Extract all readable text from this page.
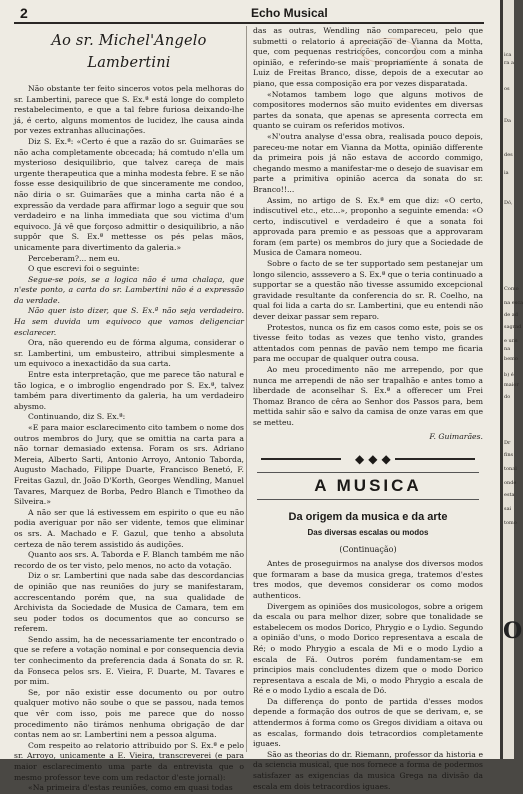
2	Echo Musical
Ao sr. Michel'Angelo Lambertini

Não obstante ter feito sinceros votos pela melhoras do sr. Lambertini, parece que S. Ex.ª está longe do completo restabelecimento, e que a tal febre furiosa deixando-lhe já, é certo, alguns momentos de lucidez, lhe causa ainda por vezes extranhas allucinações.

Diz S. Ex.ª: «Certo é que a razão do sr. Guimarães se não acha completamente obcecada; há comtudo n'ella um mysterioso desiquilibrio, que talvez careça de mais urgente therapeutica que a minha modesta febre. E se não fosse esse desiquilibrio de que sinceramente me condoo, não diria o sr. Guimarães que a minha carta não é a expressão da verdade para affirmar logo a seguir que sou verdadeiro e na linha immediata que sou victima d'um equivoco. Já vê que forçoso admittir o desiquilibrio, a não suppôr que S. Ex.ª mettesse os pés pelas mãos, unicamente para divertimento da galeria.»

Perceberam?... nem eu.

O que escrevi foi o seguinte:

Segue-se pois, se a logica não é uma chalaça, que n'este ponto, a carta do sr. Lambertini não é a expressão da verdade.

Não quer isto dizer, que S. Ex.ª não seja verdadeiro. Ha sem duvida um equivoco que vamos deligenciar esclarecer.

Ora, não querendo eu de fórma alguma, considerar o sr. Lambertini, um embusteiro, attribui simplesmente a um equivoco a inexactidão da sua carta.

Entre esta interpretação, que me parece tão natural e tão logica, e o imbroglio engendrado por S. Ex.ª, talvez também para divertimento da galeria, ha um verdadeiro abysmo.

Continuando, diz S. Ex.ª:

«E para maior esclarecimento cito tambem o nome dos outros membros do Jury, que se omittia na carta para a não tornar demasiado extensa. Foram os srs. Adriano Mereia, Alberto Sarti, Antonio Arroyo, Antonio Taborda, Augusto Machado, Filippe Duarte, Francisco Benetó, F. Freitas Gazul, dr. João D'Korth, Georges Wendling, Manuel Tavares, Marquez de Borba, Pedro Blanch e Timotheo da Silveira.»

A não ser que lá estivessem em espirito o que eu não podia averiguar por não ser vidente, temos que eliminar os srs. A. Machado e F. Gazul, que tenho a absoluta certeza de não terem assistido ás audições.

Quanto aos srs. A. Taborda e F. Blanch também me não recordo de os ter visto, pelo menos, no acto da votação.

Diz o sr. Lambertini que nada sabe das descordancias de opinião que nas reuniões do jury se manifestaram, accrescentando porém que, na sua qualidade de Archivista da Sociedade de Musica de Camara, tem em seu poder todos os documentos que ao concurso se referem.

Sendo assim, ha de necessariamente ter encontrado o que se refere a votação nominal e por consequencia devia ter conhecimento da preferencia dada á Sonata do sr. R. da Fonseca pelos srs. E. Vieira, F. Duarte, M. Tavares e por mim.

Se, por não existir esse documento ou por outro qualquer motivo não soube o que se passou, nada temos que vêr com isso, pois me parece que do nosso procedimento não tirámos nenhuma obrigação de dar contas nem ao sr. Lambertini nem a pessoa alguma.

Com respeito ao relatorio attribuido por S. Ex.ª e pelo sr. Arroyo, unicamente a E. Vieira, transcreverei (e para maior esclarecimento uma parte da entrevista que o mesmo professor teve com um redactor d'este jornal):

«Na primeira d'estas reuniões, como em quasi todas

das as outras, Wendling não compareceu, pelo que submetti o relatorio á apreciação de Vianna da Motta, que, com pequenas restricções, concordou com a minha opinião, e referindo-se mais propriamente á sonata de Luiz de Freitas Branco, disse, depois de a executar ao piano, que essa composição era por vezes disparatada.

«Notamos tambem logo que alguns motivos de compositores modernos são muito evidentes em diversas partes da sonata, que apenas se apresenta correcta em quanto se cuiram os referidos motivos.

«N'outra analyse d'essa obra, realisada pouco depois, pareceu-me notar em Vianna da Motta, opinião differente da primeira pois já não estava de accordo commigo, chegando mesmo a manifestar-me o desejo de suavisar em parte a primitiva opinião acerca da sonata do sr. Branco!!...

Assim, no artigo de S. Ex.ª em que diz: «O certo, indiscutivel etc., etc...», proponho a seguinte emenda: «O certo, indiscutivel e verdadeiro é que a sonata foi approvada para premio e as pessoas que a approvaram foram (em parte) os membros do jury que a Sociedade de Musica de Camara nomeou.

Sobre o facto de se ter supportado sem pestanejar um longo silencio, asssevero a S. Ex.ª que o teria continuado a supportar se a questão não tivesse assumido excepcional gravidade resultante da conferencia do sr. R. Coelho, na qual foi lida a carta do sr. Lambertini, que eu entendi não dever deixar passar sem reparo.

Protestos, nunca os fiz em casos como este, pois se os tivesse feito todas as vezes que tenho visto, grandes attentados com pennas de pavão nem tempo me ficaria para me occupar de qualquer outra cousa.

Ao meu procedimento não me arrependo, por que nunca me arrependi de não ser trapalhão e antes tomo a liberdade de aconselhar S. Ex.ª a offerecer um Frei Thomaz Branco de cêra ao Senhor dos Passos para, bem mettida sahir são e salvo da camisa de onze varas em que se metteu.

F. Guimarães.
◆◆◆
A MUSICA
Da origem da musica e da arte
Das diversas escalas ou modos
(Continuação)

Antes de proseguirmos na analyse dos diversos modos que formaram a base da musica grega, tratemos d'estes tres modos, que devemos considerar os como modos authenticos.

Divergem as opiniões dos musicologos, sobre a origem da escala ou para melhor dizer, sobre que tonalidade se estabelecem os modos Dorico, Phrygio e o Lydio. Segundo a opinião d'uns, o modo Dorico representava a escala de Ré; o modo Phrygio a escala de Mi e o modo Lydio a escala de Fá. Outros porém fundamentam-se em principios mais concludentes dizem que o modo Dorico representava a escala de Mi, o modo Phrygio a escala de Ré e o modo Lydio a escala de Dó.

Da differença do ponto de partida d'esses modos depende a formação dos outros de que se derivam, e, se attendermos á forma como os Gregos dividiam a oitava ou as escalas, formando dois tetracordios completamente iguaes.

São as theorias do dr. Riemann, professor da historia e da sciencia musical, que nos fornece a forma de podermos satisfazer as exigencias da musica Grega na divisão da escala em dois tetracordios iguaes.

O
ica
ra a
os
Da
des
ia
Dó,
Como
na esca
de ad
sagrad
e uns
na
bemo
b) é
maior
do
Dr
fins
tonal
onde
esta
sai
tomo
